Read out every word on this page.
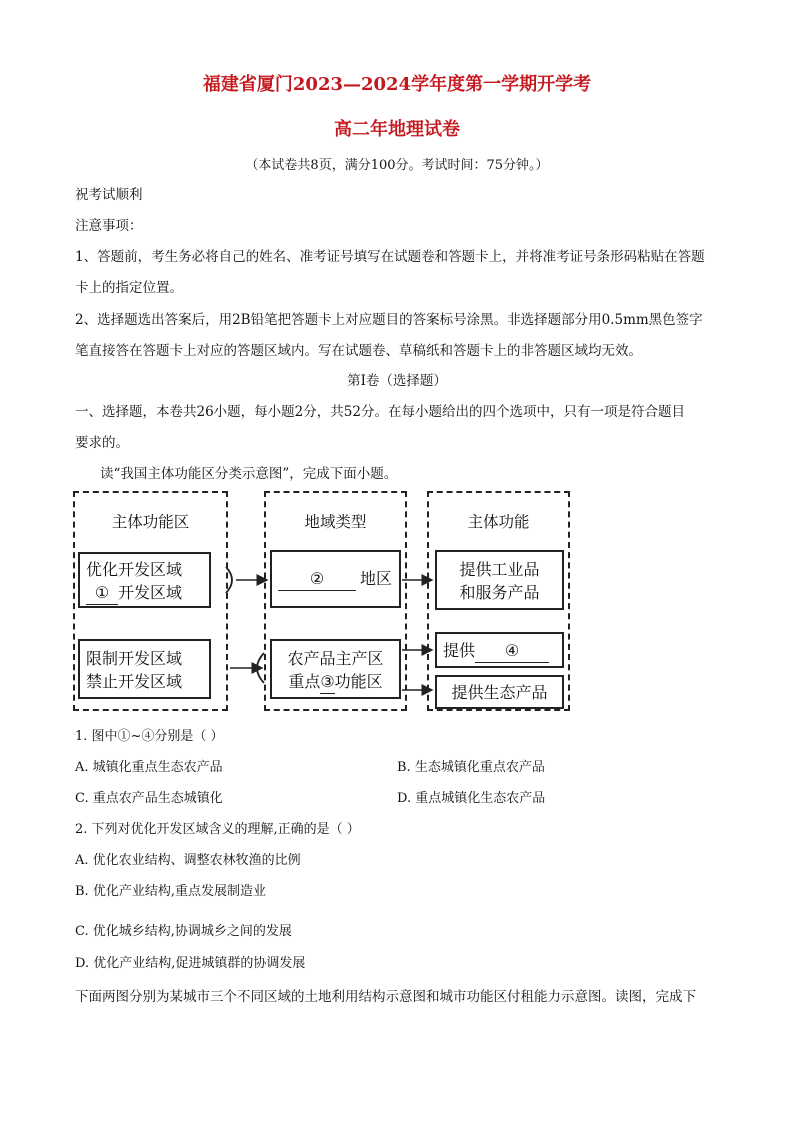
福建省厦门2023—2024学年度第一学期开学考
高二年地理试卷
（本试卷共8页，满分100分。考试时间：75分钟。）
祝考试顺利
注意事项：
1、答题前，考生务必将自己的姓名、准考证号填写在试题卷和答题卡上，并将准考证号条形码粘贴在答题
卡上的指定位置。
2、选择题选出答案后，用2B铅笔把答题卡上对应题目的答案标号涂黑。非选择题部分用0.5mm黑色签字
笔直接答在答题卡上对应的答题区域内。写在试题卷、草稿纸和答题卡上的非答题区域均无效。
第Ⅰ卷（选择题）
一、选择题，本卷共26小题，每小题2分，共52分。在每小题给出的四个选项中，只有一项是符合题目
要求的。
读“我国主体功能区分类示意图”，完成下面小题。
主体功能区	地域类型	主体功能
优化开发区域
① 开发区域
限制开发区域
禁止开发区域
② 地区
农产品主产区
重点③功能区
提供工业品
和服务产品
提供 ④
提供生态产品
1. 图中①~④分别是（ ）
A. 城镇化重点生态农产品	B. 生态城镇化重点农产品
C. 重点农产品生态城镇化	D. 重点城镇化生态农产品
2. 下列对优化开发区域含义的理解,正确的是（ ）
A. 优化农业结构、调整农林牧渔的比例
B. 优化产业结构,重点发展制造业
C. 优化城乡结构,协调城乡之间的发展
D. 优化产业结构,促进城镇群的协调发展
下面两图分别为某城市三个不同区域的土地利用结构示意图和城市功能区付租能力示意图。读图，完成下
